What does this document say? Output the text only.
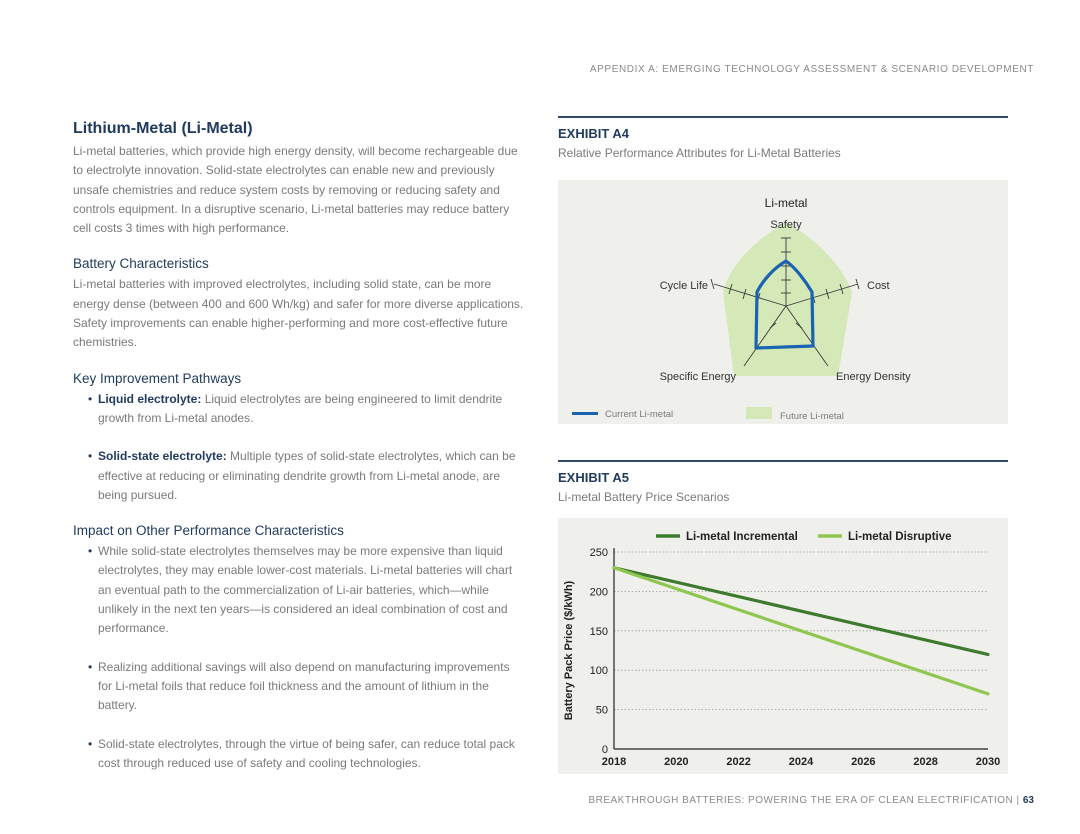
APPENDIX A: EMERGING TECHNOLOGY ASSESSMENT & SCENARIO DEVELOPMENT
Lithium-Metal (Li-Metal)

Li-metal batteries, which provide high energy density, will become rechargeable due to electrolyte innovation. Solid-state electrolytes can enable new and previously unsafe chemistries and reduce system costs by removing or reducing safety and controls equipment. In a disruptive scenario, Li-metal batteries may reduce battery cell costs 3 times with high performance.

Battery Characteristics

Li-metal batteries with improved electrolytes, including solid state, can be more energy dense (between 400 and 600 Wh/kg) and safer for more diverse applications. Safety improvements can enable higher-performing and more cost-effective future chemistries.

Key Improvement Pathways
• Liquid electrolyte: Liquid electrolytes are being engineered to limit dendrite growth from Li-metal anodes.
• Solid-state electrolyte: Multiple types of solid-state electrolytes, which can be effective at reducing or eliminating dendrite growth from Li-metal anode, are being pursued.
Impact on Other Performance Characteristics
• While solid-state electrolytes themselves may be more expensive than liquid electrolytes, they may enable lower-cost materials. Li-metal batteries will chart an eventual path to the commercialization of Li-air batteries, which—while unlikely in the next ten years—is considered an ideal combination of cost and performance.
• Realizing additional savings will also depend on manufacturing improvements for Li-metal foils that reduce foil thickness and the amount of lithium in the battery.
• Solid-state electrolytes, through the virtue of being safer, can reduce total pack cost through reduced use of safety and cooling technologies.
EXHIBIT A4
Relative Performance Attributes for Li-Metal Batteries
Li-metal
Safety
Cost
Energy Density
Specific Energy
Cycle Life
Current Li-metal	Future Li-metal
EXHIBIT A5
Li-metal Battery Price Scenarios
0
50
100
150
200
250
2018	2020	2022	2024	2026	2028	2030
Battery Pack Price ($/kWh)
Li-metal Incremental	Li-metal Disruptive
BREAKTHROUGH BATTERIES: POWERING THE ERA OF CLEAN ELECTRIFICATION | 63
